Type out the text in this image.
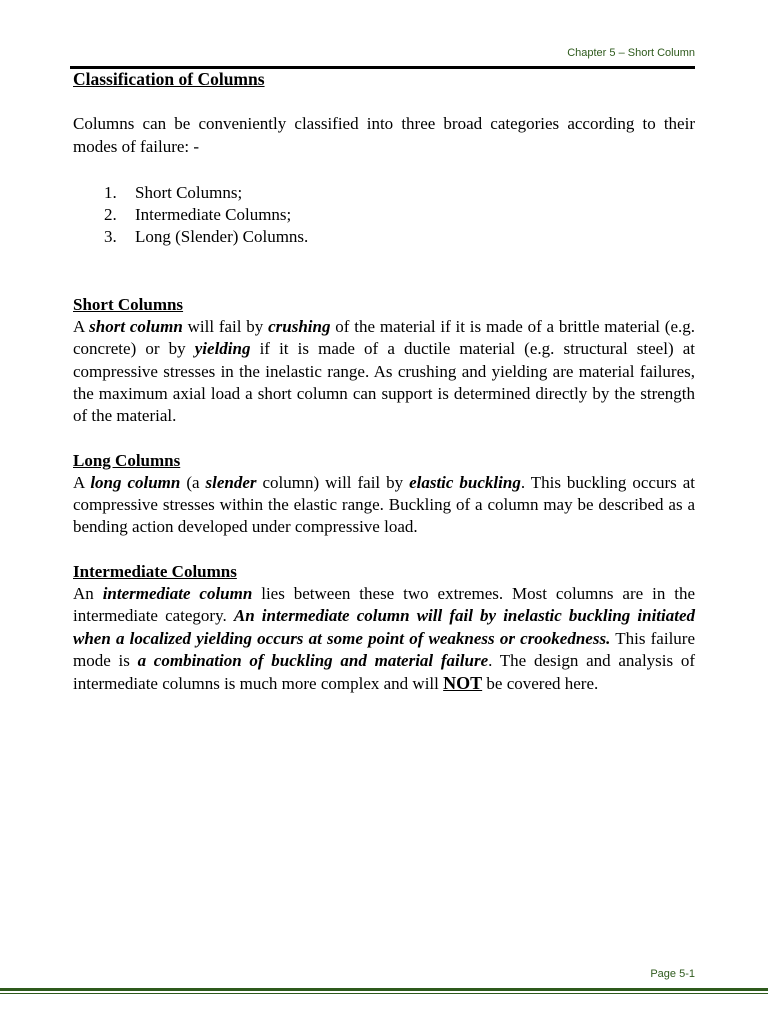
Chapter 5 – Short Column
Classification of Columns

Columns can be conveniently classified into three broad categories according to their modes of failure: -

1. Short Columns;
2. Intermediate Columns;
3. Long (Slender) Columns.
Short Columns

A short column will fail by crushing of the material if it is made of a brittle material (e.g. concrete) or by yielding if it is made of a ductile material (e.g. structural steel) at compressive stresses in the inelastic range. As crushing and yielding are material failures, the maximum axial load a short column can support is determined directly by the strength of the material.

Long Columns

A long column (a slender column) will fail by elastic buckling. This buckling occurs at compressive stresses within the elastic range. Buckling of a column may be described as a bending action developed under compressive load.

Intermediate Columns

An intermediate column lies between these two extremes. Most columns are in the intermediate category. An intermediate column will fail by inelastic buckling initiated when a localized yielding occurs at some point of weakness or crookedness. This failure mode is a combination of buckling and material failure. The design and analysis of intermediate columns is much more complex and will NOT be covered here.

Page 5-1
